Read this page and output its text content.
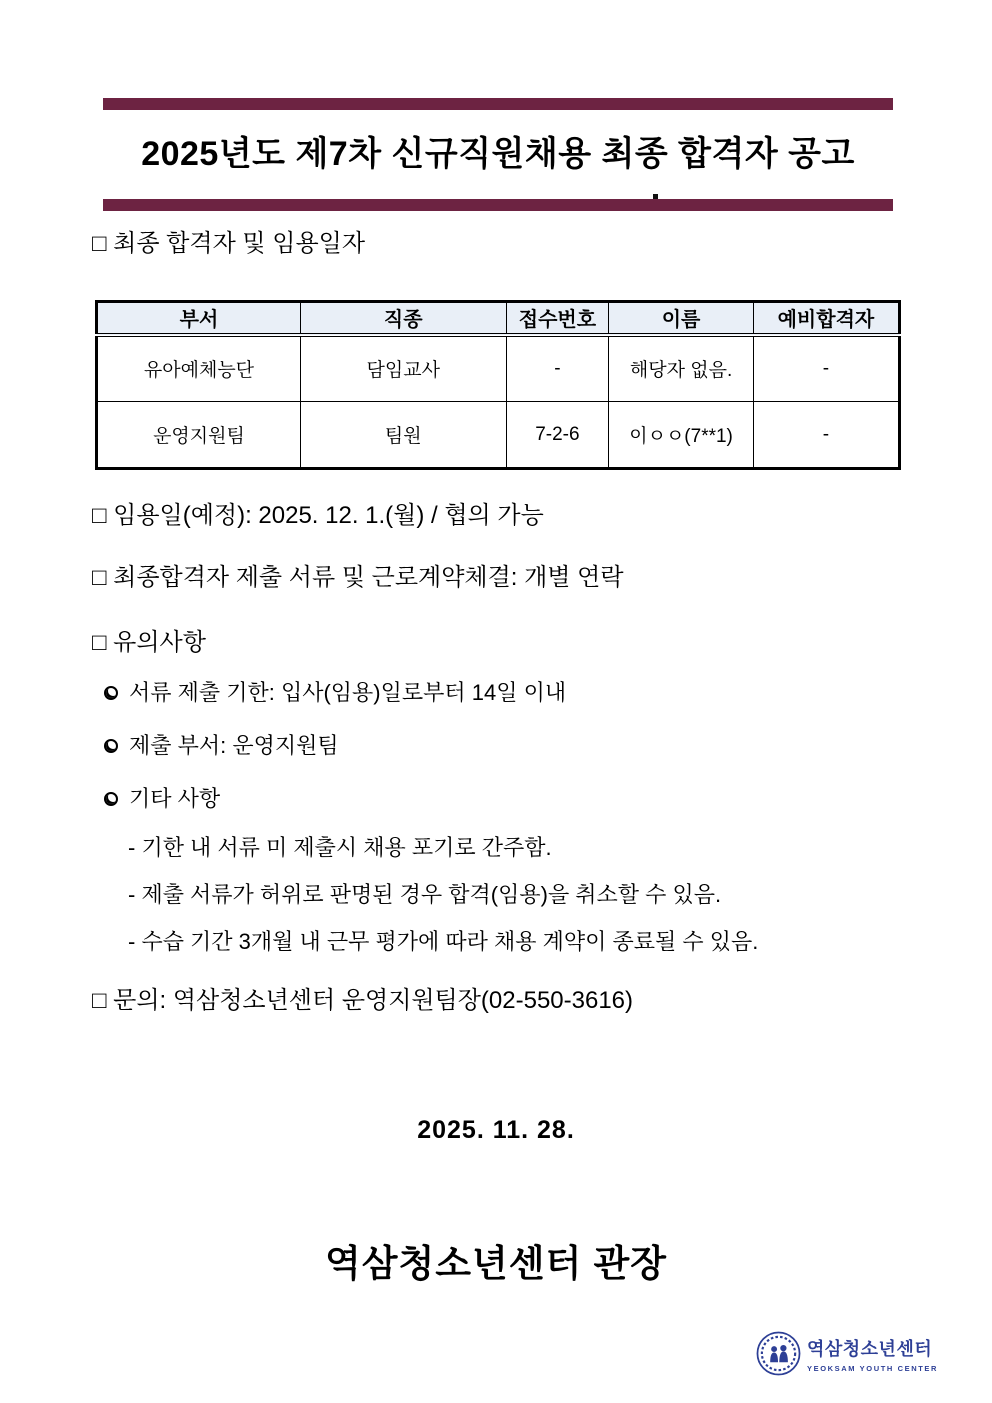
2025년도 제7차 신규직원채용 최종 합격자 공고
□ 최종 합격자 및 임용일자
부서	직종	접수번호	이름	예비합격자
유아예체능단	담임교사	-	해당자 없음.	-
운영지원팀	팀원	7-2-6	이ㅇㅇ(7**1)	-
□ 임용일(예정): 2025. 12. 1.(월) / 협의 가능
□ 최종합격자 제출 서류 및 근로계약체결: 개별 연락
□ 유의사항
서류 제출 기한: 입사(임용)일로부터 14일 이내
제출 부서: 운영지원팀
기타 사항
- 기한 내 서류 미 제출시 채용 포기로 간주함.
- 제출 서류가 허위로 판명된 경우 합격(임용)을 취소할 수 있음.
- 수습 기간 3개월 내 근무 평가에 따라 채용 계약이 종료될 수 있음.
□ 문의: 역삼청소년센터 운영지원팀장(02-550-3616)
2025. 11. 28.
역삼청소년센터 관장
역삼청소년센터
YEOKSAM YOUTH CENTER
